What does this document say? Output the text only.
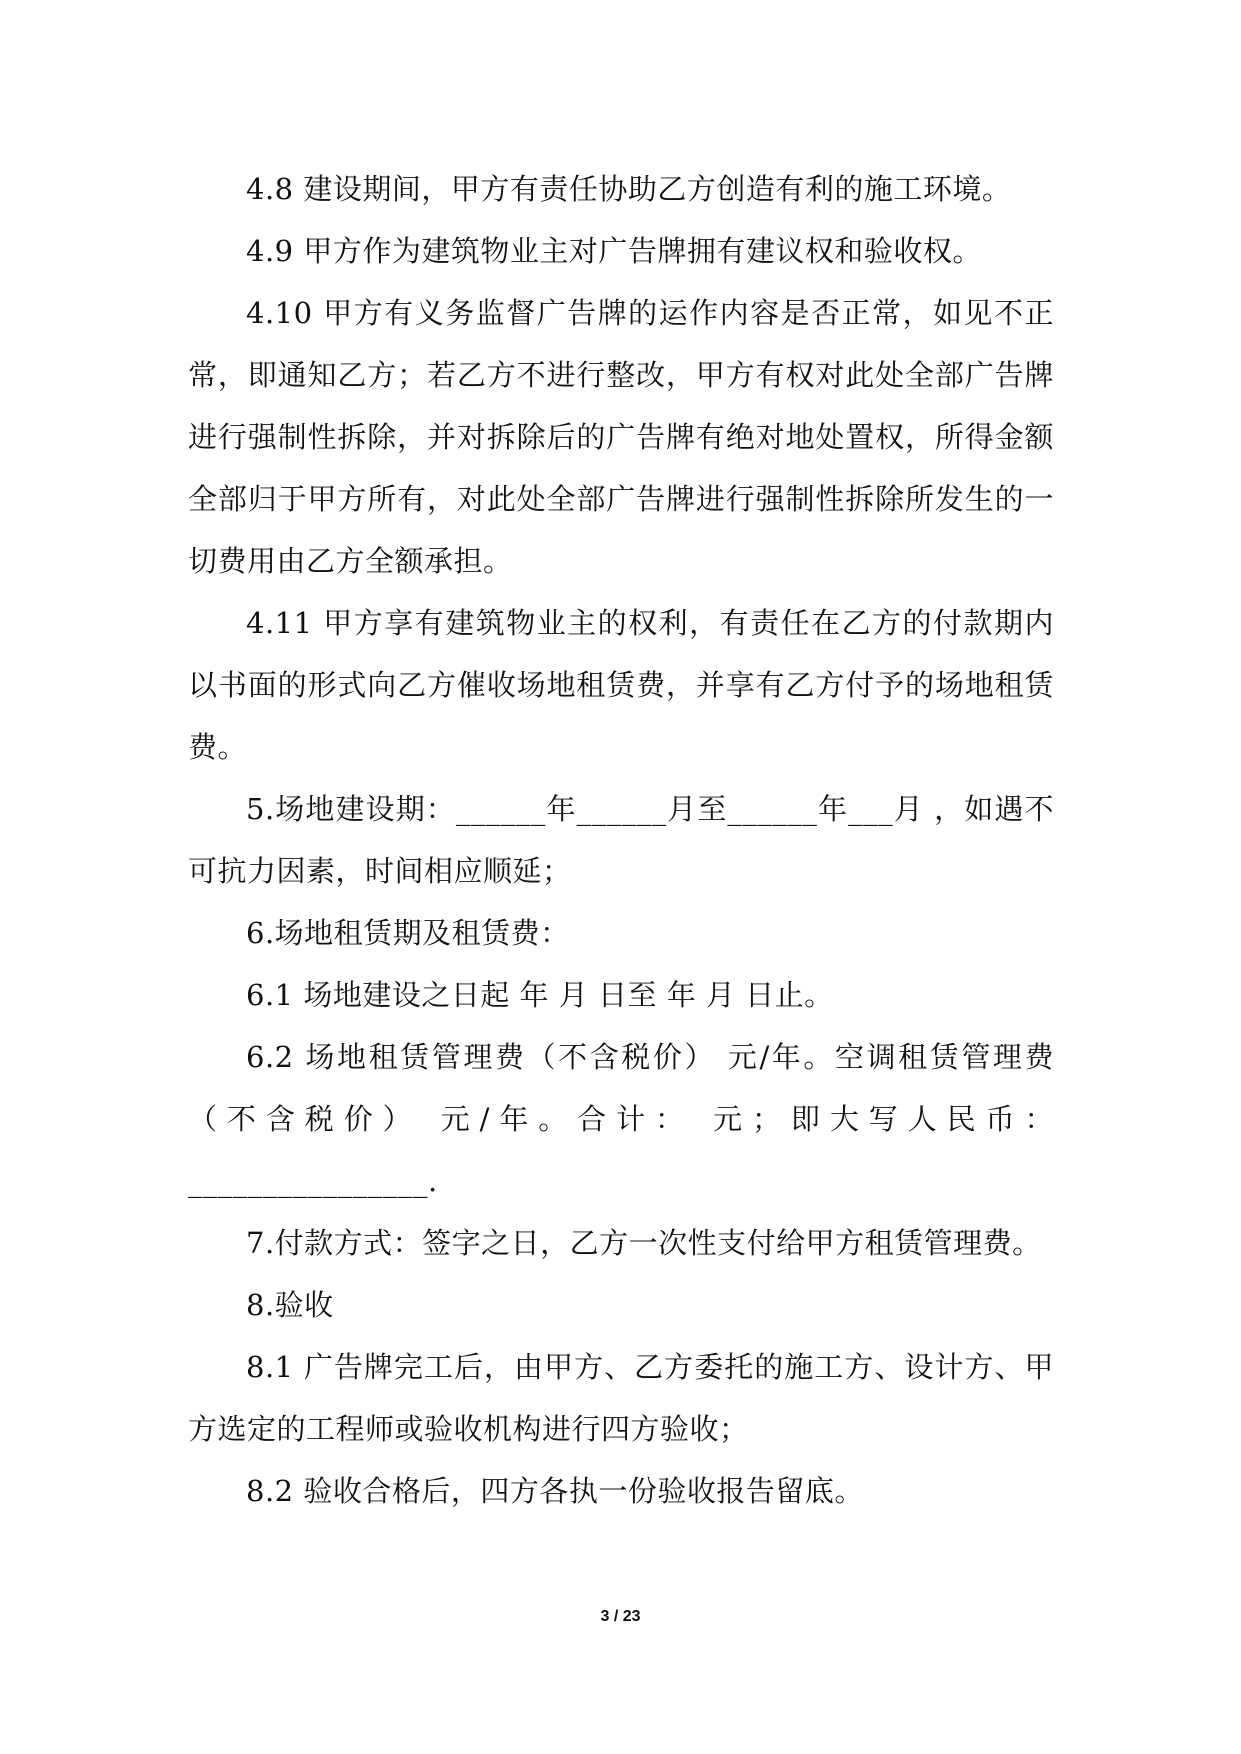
4.8 建设期间，甲方有责任协助乙方创造有利的施工环境。

4.9 甲方作为建筑物业主对广告牌拥有建议权和验收权。

4.10 甲方有义务监督广告牌的运作内容是否正常，如见不正常，即通知乙方；若乙方不进行整改，甲方有权对此处全部广告牌进行强制性拆除，并对拆除后的广告牌有绝对地处置权，所得金额全部归于甲方所有，对此处全部广告牌进行强制性拆除所发生的一切费用由乙方全额承担。

4.11 甲方享有建筑物业主的权利，有责任在乙方的付款期内以书面的形式向乙方催收场地租赁费，并享有乙方付予的场地租赁费。

5.场地建设期：______年______月至______年___月 ，如遇不可抗力因素，时间相应顺延；

6.场地租赁期及租赁费：

6.1 场地建设之日起 年 月 日至 年 月 日止。

6.2 场地租赁管理费（不含税价） 元/年。空调租赁管理费（不含税价） 元/年。合计： 元；即大写人民币：

________________.

7.付款方式：签字之日，乙方一次性支付给甲方租赁管理费。

8.验收

8.1 广告牌完工后，由甲方、乙方委托的施工方、设计方、甲方选定的工程师或验收机构进行四方验收；

8.2 验收合格后，四方各执一份验收报告留底。

3 / 23
